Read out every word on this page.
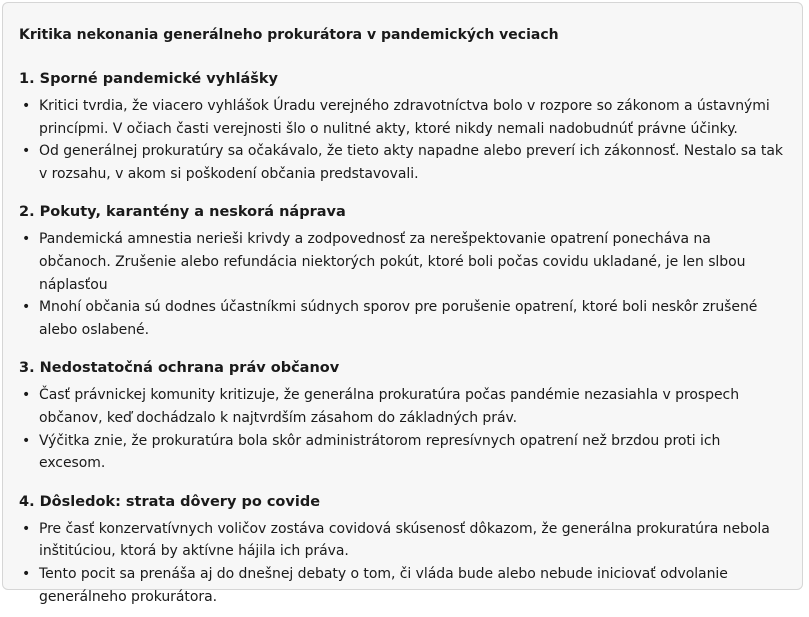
Kritika nekonania generálneho prokurátora v pandemických veciach
1. Sporné pandemické vyhlášky
• Kritici tvrdia, že viacero vyhlášok Úradu verejného zdravotníctva bolo v rozpore so zákonom a ústavnými princípmi. V očiach časti verejnosti šlo o nulitné akty, ktoré nikdy nemali nadobudnúť právne účinky.
• Od generálnej prokuratúry sa očakávalo, že tieto akty napadne alebo preverí ich zákonnosť. Nestalo sa tak v rozsahu, v akom si poškodení občania predstavovali.
2. Pokuty, karantény a neskorá náprava
• Pandemická amnestia nerieši krivdy a zodpovednosť za nerešpektovanie opatrení ponecháva na občanoch. Zrušenie alebo refundácia niektorých pokút, ktoré boli počas covidu ukladané, je len slbou náplasťou
• Mnohí občania sú dodnes účastníkmi súdnych sporov pre porušenie opatrení, ktoré boli neskôr zrušené alebo oslabené.
3. Nedostatočná ochrana práv občanov
• Časť právnickej komunity kritizuje, že generálna prokuratúra počas pandémie nezasiahla v prospech občanov, keď dochádzalo k najtvrdším zásahom do základných práv.
• Výčitka znie, že prokuratúra bola skôr administrátorom represívnych opatrení než brzdou proti ich excesom.
4. Dôsledok: strata dôvery po covide
• Pre časť konzervatívnych voličov zostáva covidová skúsenosť dôkazom, že generálna prokuratúra nebola inštitúciou, ktorá by aktívne hájila ich práva.
• Tento pocit sa prenáša aj do dnešnej debaty o tom, či vláda bude alebo nebude iniciovať odvolanie generálneho prokurátora.
